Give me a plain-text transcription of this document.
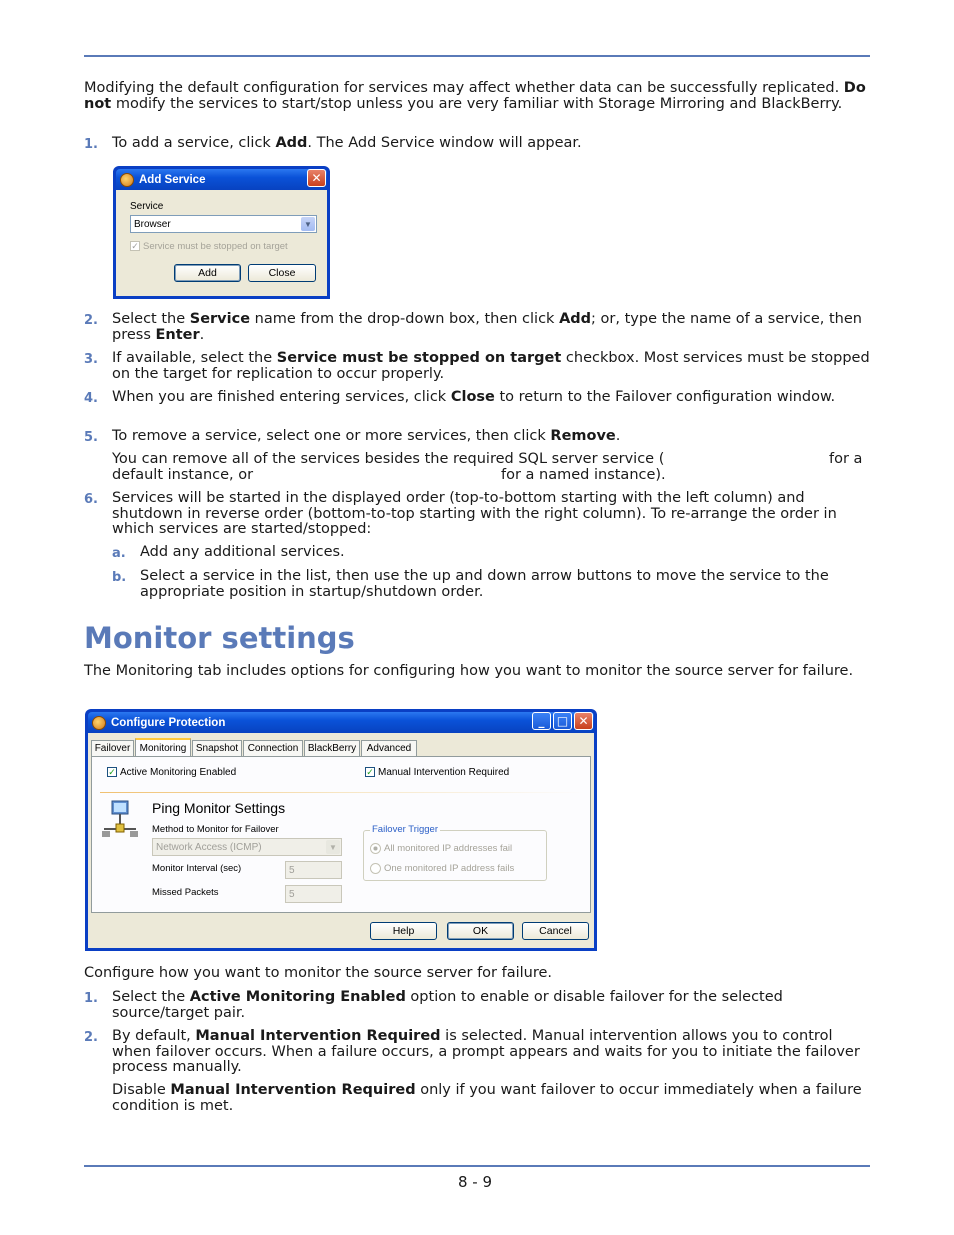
Modifying the default configuration for services may affect whether data can be successfully replicated. Do not modify the services to start/stop unless you are very familiar with Storage Mirroring and BlackBerry.
1. To add a service, click Add. The Add Service window will appear.
Add Service	✕
Service
Browser	▼
✓ Service must be stopped on target
Add	Close
2. Select the Service name from the drop-down box, then click Add; or, type the name of a service, then press Enter.
3. If available, select the Service must be stopped on target checkbox. Most services must be stopped on the target for replication to occur properly.
4. When you are finished entering services, click Close to return to the Failover configuration window.
5. To remove a service, select one or more services, then click Remove.
You can remove all of the services besides the required SQL server service (	for a
default instance, or	for a named instance).
6. Services will be started in the displayed order (top-to-bottom starting with the left column) and shutdown in reverse order (bottom-to-top starting with the right column). To re-arrange the order in which services are started/stopped:
a. Add any additional services.
b. Select a service in the list, then use the up and down arrow buttons to move the service to the appropriate position in startup/shutdown order.
Monitor settings
The Monitoring tab includes options for configuring how you want to monitor the source server for failure.
Configure Protection	_	□ ✕
Failover Monitoring Snapshot Connection BlackBerry	Advanced
✓ Active Monitoring Enabled	✓ Manual Intervention Required
Ping Monitor Settings
Method to Monitor for Failover
Network Access (ICMP)	▼
Monitor Interval (sec)	5
Missed Packets	5
Failover Trigger
All monitored IP addresses fail
One monitored IP address fails
Help	OK	Cancel
Configure how you want to monitor the source server for failure.
1. Select the Active Monitoring Enabled option to enable or disable failover for the selected source/target pair.
2. By default, Manual Intervention Required is selected. Manual intervention allows you to control when failover occurs. When a failure occurs, a prompt appears and waits for you to initiate the failover process manually.
Disable Manual Intervention Required only if you want failover to occur immediately when a failure condition is met.
8 - 9
